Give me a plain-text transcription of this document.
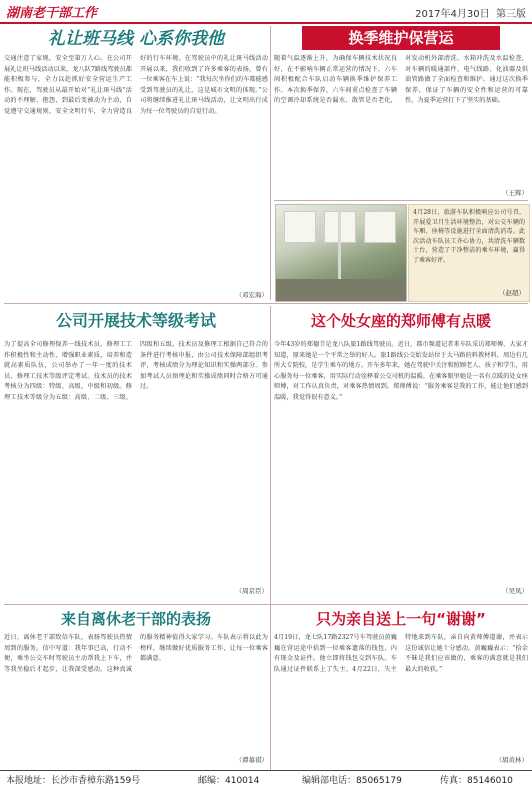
湖南老干部工作	2017年4月30日 第三版
礼让班马线 心系你我他
交通注意了家规，安全至第万人心。在公司开展礼让班马线活动以来，龙八队7路线驾驶员都能积极参与，全力以赴抓好安全营运生产工作。现在，驾驶员从最开始对“礼让斑马线”活动的不理解、抱怨，到最后变被动为主动，自觉遵守交通规则，安全文明行车，全力营造良好的行车环境。在驾驶员中的礼让斑马线活动开展以来，我们收到了许多乘客的表扬，曾有一位乘客在车上说：“我每次坐你们的车都能感受到驾驶员的礼让，这是城市文明的体现。”公司将继续推进礼让斑马线活动，让文明出行成为每一位驾驶员的自觉行动。
（邓宏海）
换季维护保营运
随着气温逐渐上升，为确保车辆技术状况良好，在不影响车辆正常运营的情况下，六车间积极配合车队启动车辆换季维护保养工作。本次换季保养，六车间重点检查了车辆的空调冷却系统是否漏水、散管是否老化，对发动机外部清洗、水箱冲洗及水温检查，对车辆的暖通部件、电气线路、化油器及供油管路做了全面检查和维护。通过这次换季保养，保证了车辆的安全性和运营的可靠性，为夏季运营打下了坚实的基础。
（王辉）
4月28日，旅游车队积极响应公司号召，开展爱卫月生活环境整治，对公交车辆的车厢、座椅等设施进行全面清洗消毒。此次活动车队员工齐心协力，共清洗车辆数十台，营造了干净整洁的乘车环境，赢得了乘客好评。
（赵超）
公司开展技术等级考试
为了提高全司修理保养一线技术员、修理工工作积极性和主动性，增强职业素质，培养和造就高素质队伍，公司举办了一年一度的技术员、修理工技术等级评定考试。技术员的技术考核分为四级：特级、高级、中级和初级。修理工技术等级分为五级：高级、二级、三级、四级和五级。技术员及修理工根据自己符合的条件进行考核申报，由公司技术保障部组织考评，考核成绩分为理论知识和实操两部分。参加考试人员须理论和实操成绩同时合格方可通过。
（周京臣）
这个处女座的郑师傅有点暖
今年43岁的郑德节是龙八队旅1路线驾驶员。近日，都市频道记者来车队采访郑师傅，大家才知道，原来她是一个平常之举的好人。旅1路线公交始发站位于大马路的料教材料，周边有几所大专院校，是学生乘车的地方。开车多年来，她在驾驶中关注和照顾老人、孩子和学生，用心服务每一位乘客，用实际行动诠释着公交司机的温暖。在乘客眼里她是一名有点暖的处女座师傅，对工作认真负责，对乘客热情周到。郑师傅说：“服务乘客是我的工作，能让他们感到温暖，我觉得很有意义。”
（吴凤）
来自离休老干部的表扬
近日，离休老干部致信车队，表扬驾驶员热情周到的服务。信中写道：我年事已高，行动不便，乘坐公交车时驾驶员主动帮我上下车，并等我坐稳后才起步，让我深受感动。这种真诚的服务精神值得大家学习。车队表示将以此为榜样，继续做好优质服务工作，让每一位乘客都满意。
（谭慕祺）
只为亲自送上一句“谢谢”
4月19日，龙七队17路2327号车驾驶员黄巍巍在营运途中拾到一位乘客遗落的钱包，内有现金及证件。他立即将钱包交到车队。车队通过证件联系上了失主。4月22日，失主特地来到车队，亲自向黄师傅道谢，并表示这份诚信让她十分感动。黄巍巍表示：“拾金不昧是我们应该做的，乘客的满意就是我们最大的收获。”
（胡黄林）
本报地址：长沙市香樟东路159号	邮编：410014	编辑部电话：85065179	传真：85146010
